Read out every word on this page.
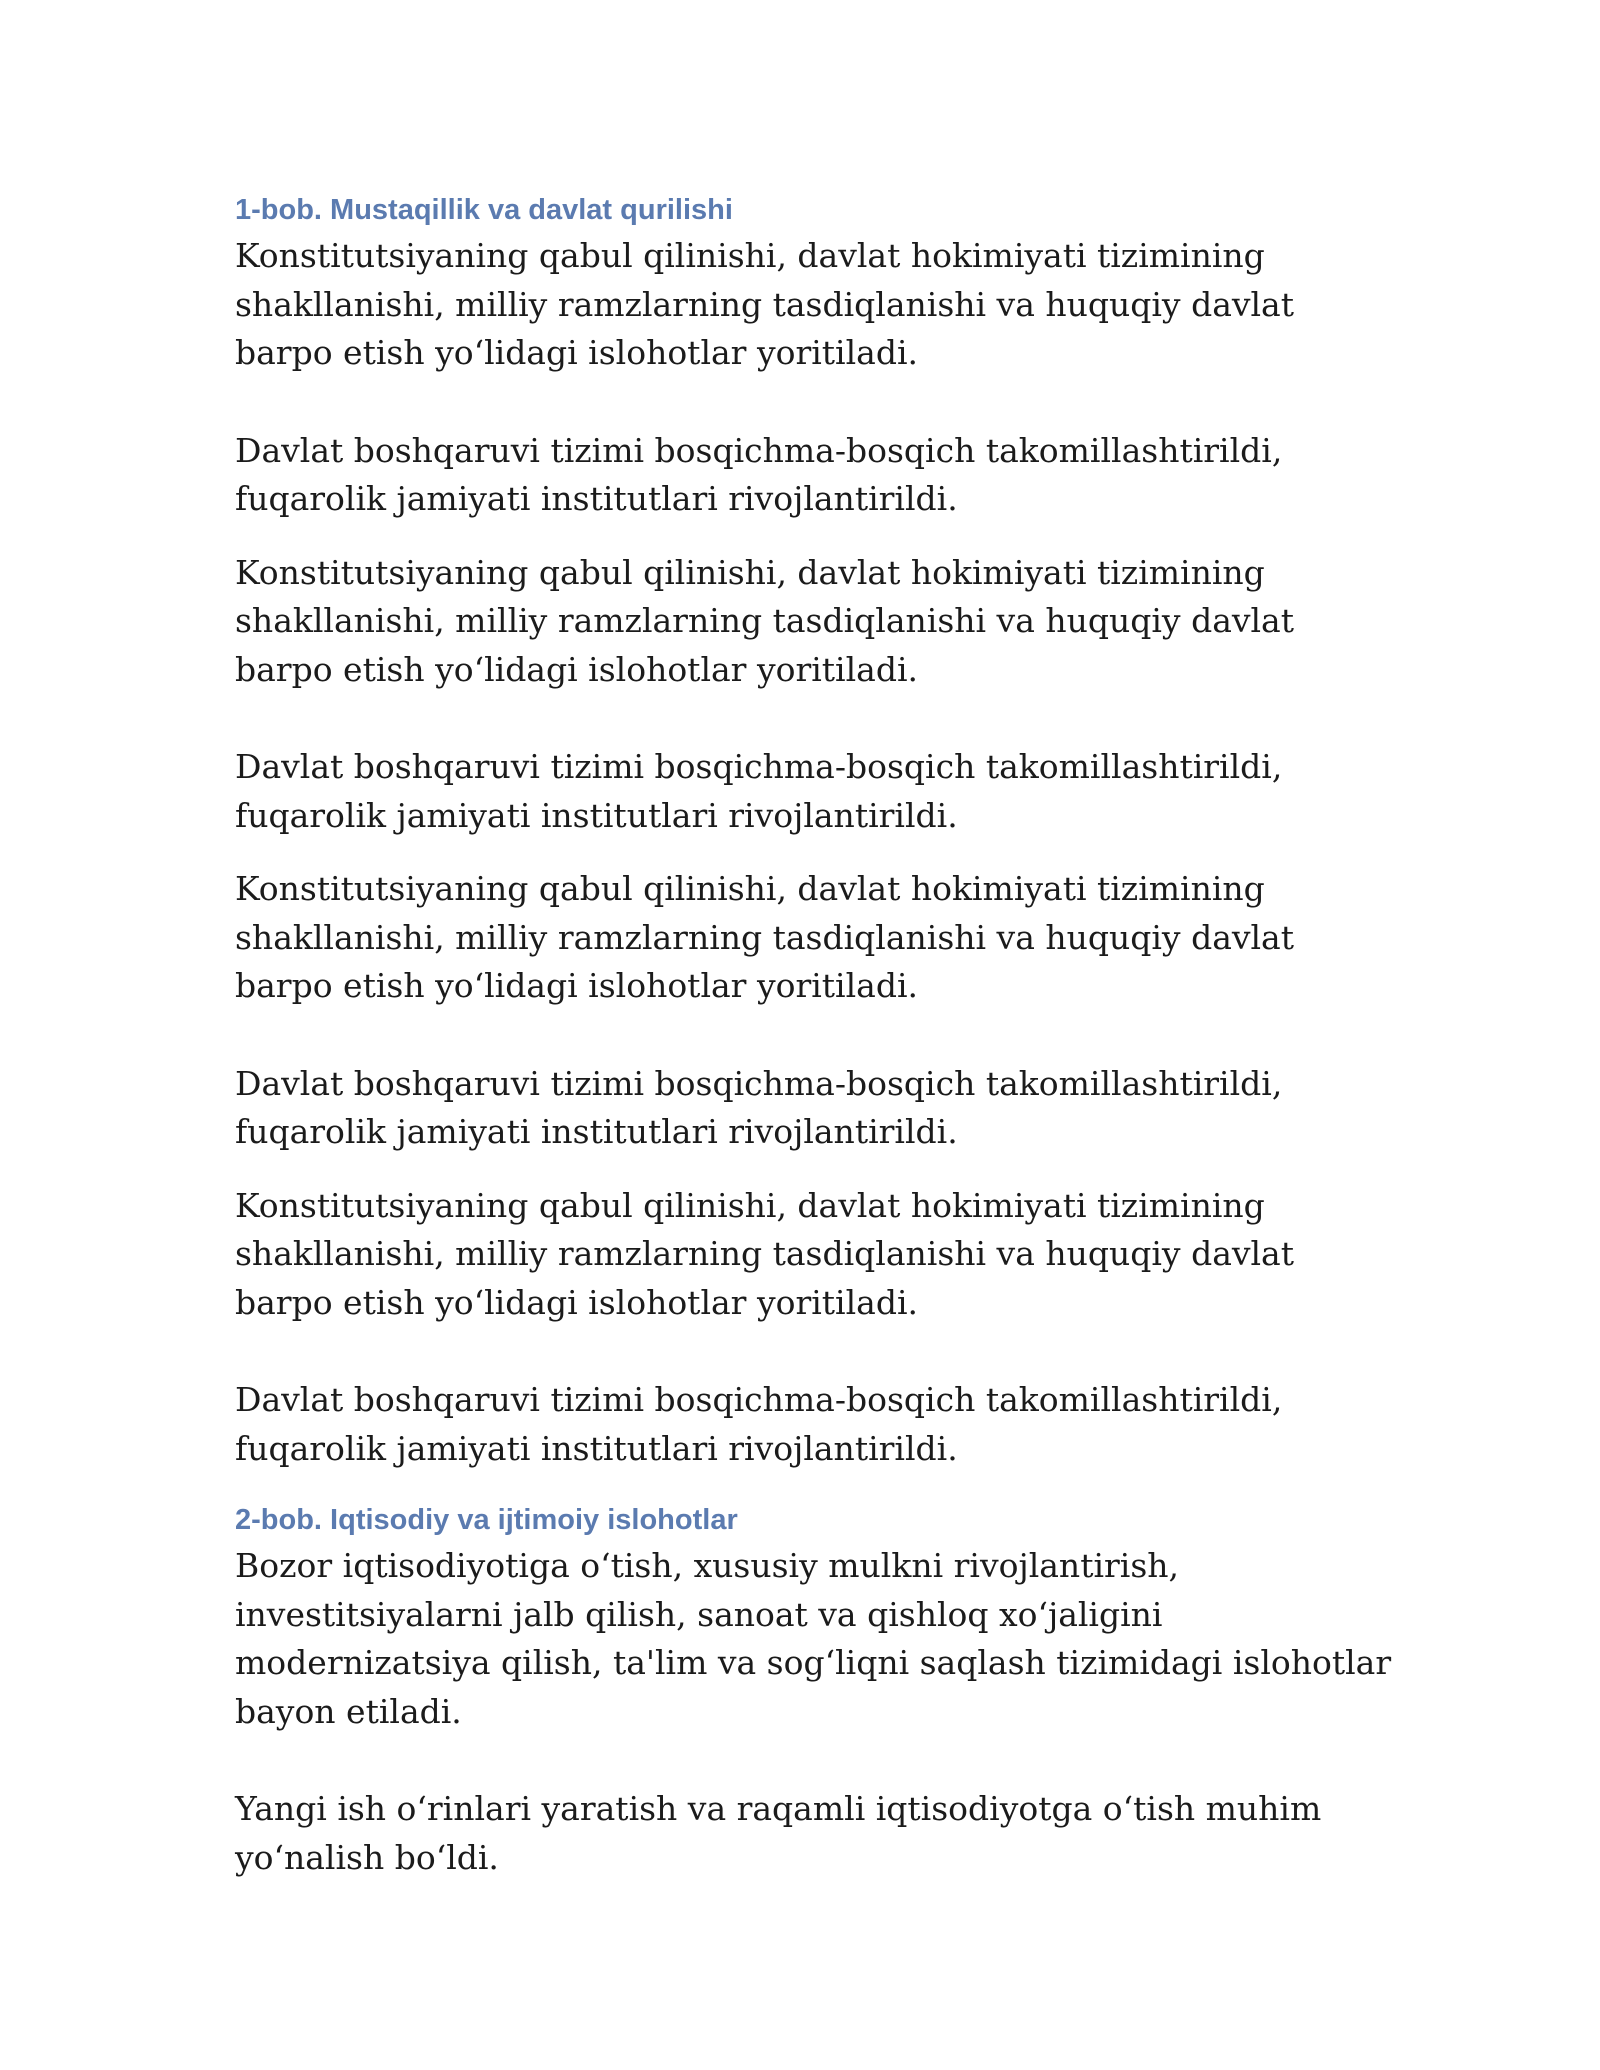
1-bob. Mustaqillik va davlat qurilishi

Konstitutsiyaning qabul qilinishi, davlat hokimiyati tizimining shakllanishi, milliy ramzlarning tasdiqlanishi va huquqiy davlat barpo etish yo‘lidagi islohotlar yoritiladi.

Davlat boshqaruvi tizimi bosqichma-bosqich takomillashtirildi, fuqarolik jamiyati institutlari rivojlantirildi.

Konstitutsiyaning qabul qilinishi, davlat hokimiyati tizimining shakllanishi, milliy ramzlarning tasdiqlanishi va huquqiy davlat barpo etish yo‘lidagi islohotlar yoritiladi.

Davlat boshqaruvi tizimi bosqichma-bosqich takomillashtirildi, fuqarolik jamiyati institutlari rivojlantirildi.

Konstitutsiyaning qabul qilinishi, davlat hokimiyati tizimining shakllanishi, milliy ramzlarning tasdiqlanishi va huquqiy davlat barpo etish yo‘lidagi islohotlar yoritiladi.

Davlat boshqaruvi tizimi bosqichma-bosqich takomillashtirildi, fuqarolik jamiyati institutlari rivojlantirildi.

Konstitutsiyaning qabul qilinishi, davlat hokimiyati tizimining shakllanishi, milliy ramzlarning tasdiqlanishi va huquqiy davlat barpo etish yo‘lidagi islohotlar yoritiladi.

Davlat boshqaruvi tizimi bosqichma-bosqich takomillashtirildi, fuqarolik jamiyati institutlari rivojlantirildi.

2-bob. Iqtisodiy va ijtimoiy islohotlar

Bozor iqtisodiyotiga o‘tish, xususiy mulkni rivojlantirish, investitsiyalarni jalb qilish, sanoat va qishloq xo‘jaligini modernizatsiya qilish, ta'lim va sog‘liqni saqlash tizimidagi islohotlar bayon etiladi.

Yangi ish o‘rinlari yaratish va raqamli iqtisodiyotga o‘tish muhim yo‘nalish bo‘ldi.
